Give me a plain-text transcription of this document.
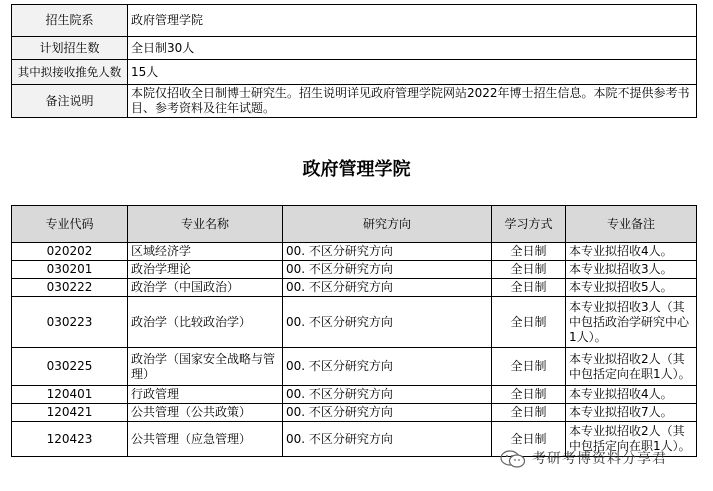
招生院系	政府管理学院
计划招生数	全日制30人
其中拟接收推免人数	15人
备注说明	本院仅招收全日制博士研究生。招生说明详见政府管理学院网站2022年博士招生信息。本院不提供参考书目、参考资料及往年试题。
政府管理学院
专业代码	专业名称	研究方向	学习方式	专业备注
020202	区域经济学	00. 不区分研究方向	全日制	本专业拟招收4人。
030201	政治学理论	00. 不区分研究方向	全日制	本专业拟招收3人。
030222	政治学（中国政治）	00. 不区分研究方向	全日制	本专业拟招收5人。
030223	政治学（比较政治学）	00. 不区分研究方向	全日制	本专业拟招收3人（其中包括政治学研究中心1人）。
030225	政治学（国家安全战略与管理）	00. 不区分研究方向	全日制	本专业拟招收2人（其中包括定向在职1人）。
120401	行政管理	00. 不区分研究方向	全日制	本专业拟招收4人。
120421	公共管理（公共政策）	00. 不区分研究方向	全日制	本专业拟招收7人。
120423	公共管理（应急管理）	00. 不区分研究方向	全日制	本专业拟招收2人（其中包括定向在职1人）。
考研考博资料分享君
